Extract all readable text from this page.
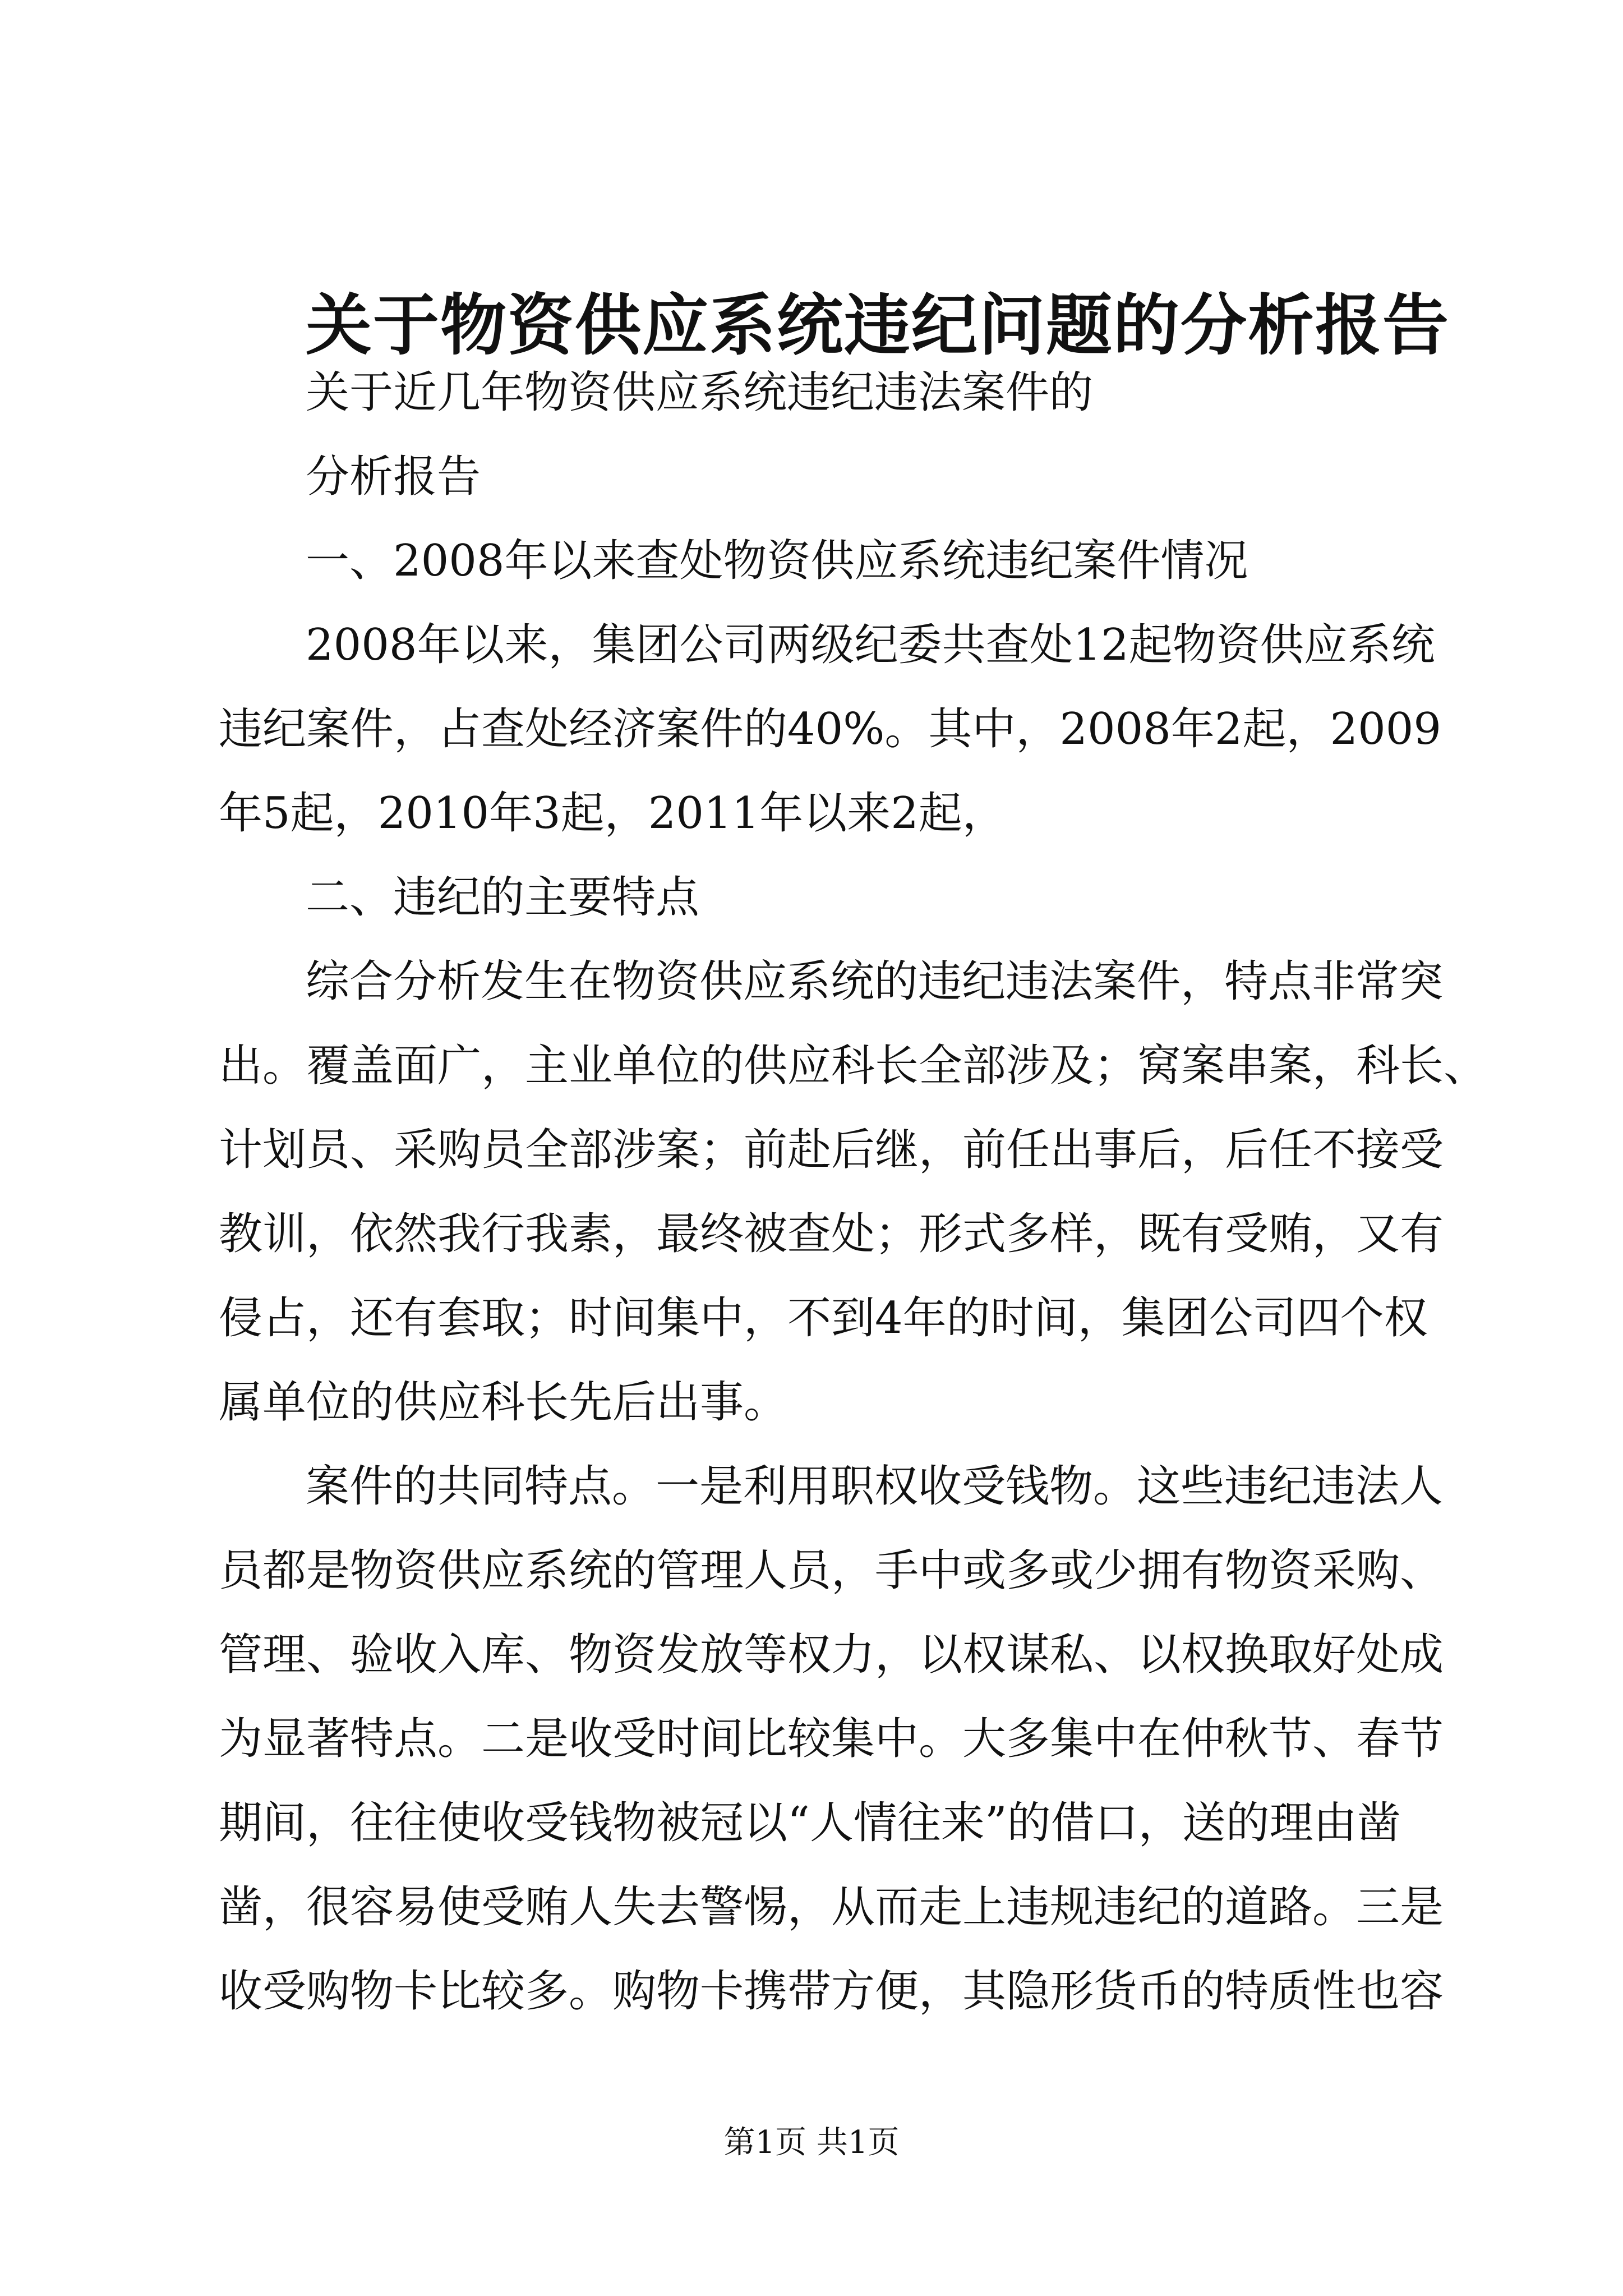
关于物资供应系统违纪问题的分析报告

关于近几年物资供应系统违纪违法案件的

分析报告

一、2008年以来查处物资供应系统违纪案件情况

2008年以来，集团公司两级纪委共查处12起物资供应系统

违纪案件，占查处经济案件的40%。其中，2008年2起，2009

年5起，2010年3起，2011年以来2起，

二、违纪的主要特点

综合分析发生在物资供应系统的违纪违法案件，特点非常突

出。覆盖面广，主业单位的供应科长全部涉及；窝案串案，科长、

计划员、采购员全部涉案；前赴后继，前任出事后，后任不接受

教训，依然我行我素，最终被查处；形式多样，既有受贿，又有

侵占，还有套取；时间集中，不到4年的时间，集团公司四个权

属单位的供应科长先后出事。

案件的共同特点。一是利用职权收受钱物。这些违纪违法人

员都是物资供应系统的管理人员，手中或多或少拥有物资采购、

管理、验收入库、物资发放等权力，以权谋私、以权换取好处成

为显著特点。二是收受时间比较集中。大多集中在仲秋节、春节

期间，往往使收受钱物被冠以“人情往来”的借口，送的理由凿

凿，很容易使受贿人失去警惕，从而走上违规违纪的道路。三是

收受购物卡比较多。购物卡携带方便，其隐形货币的特质性也容

第1页 共1页
